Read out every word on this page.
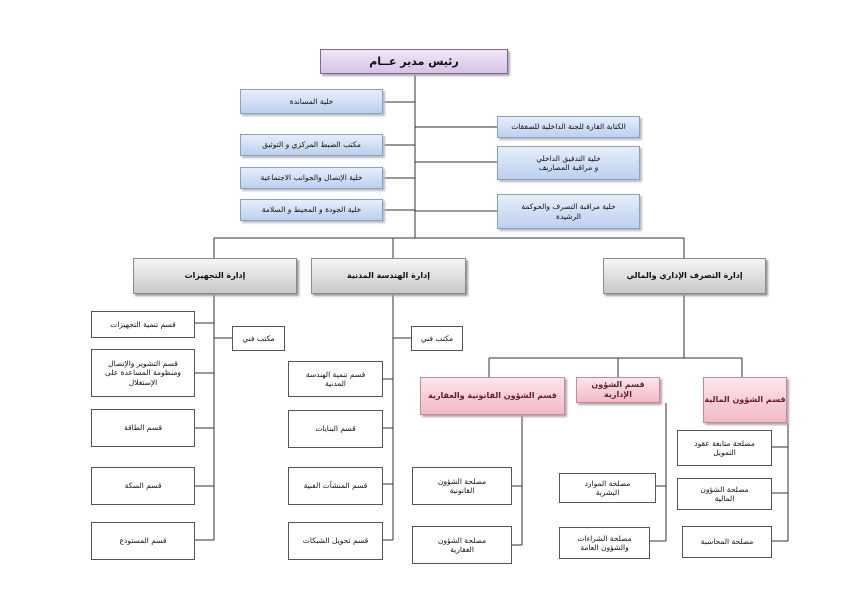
رئيس مدير عــام
خلية المساندة
مكتب الضبط المركزي و التوثيق
خلية الإتصال والجوانب الاجتماعية
خلية الجودة و المحيط و السلامة
الكتابة القارة للجنة الداخلية للصفقات
خلية التدقيق الداخلي
و مراقبة المصاريف
خلية مراقبة التصرف والحوكمة
الرشيدة
إدارة التجهيزات	إدارة الهندسة المدنية	إدارة التصرف الإداري والمالي
مكتب فني
قسم تنمية التجهيزات
قسم التشوير والإتصال
ومنظومة المساعدة على
الإستغلال
قسم الطاقة
قسم السكة
قسم المستودع
مكتب فني
قسم تنمية الهندسة
المدنية
قسم البنايات
قسم المنشآت الفنية
قسم تحويل الشبكات
قسم الشؤون القانونية والعقارية
قسم الشؤون الإدارية
قسم الشؤون المالية
مصلحة الشؤون
القانونية
مصلحة الشؤون
العقارية
مصلحة الموارد
البشرية
مصلحة الشراءات
والشؤون العامة
مصلحة متابعة عقود
التمويل
مصلحة الشؤون
المالية
مصلحة المحاسبة
